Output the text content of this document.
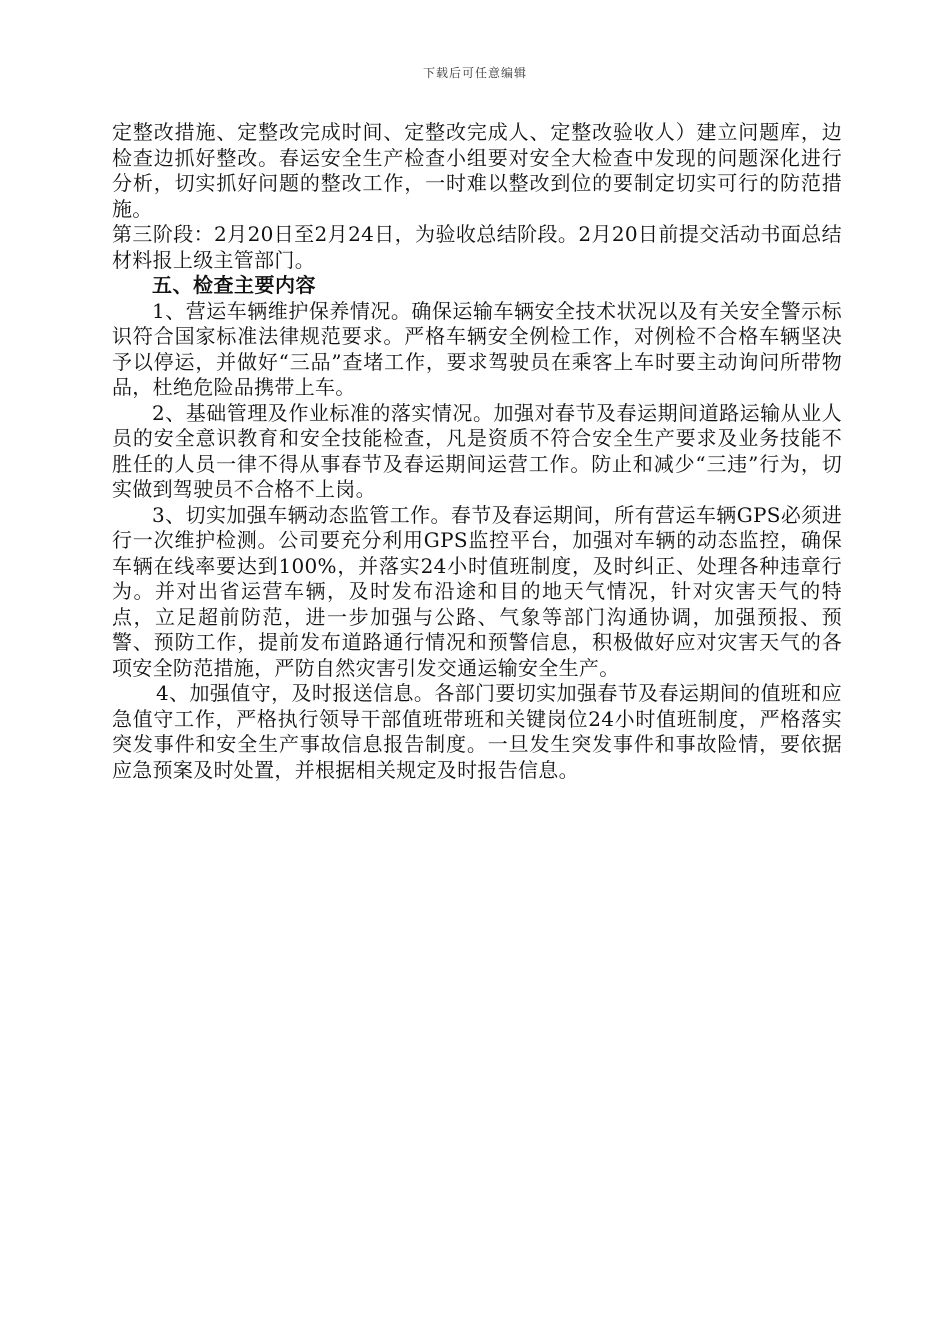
下载后可任意编辑

定整改措施、定整改完成时间、定整改完成人、定整改验收人）建立问题库，边检查边抓好整改。春运安全生产检查小组要对安全大检查中发现的问题深化进行分析，切实抓好问题的整改工作，一时难以整改到位的要制定切实可行的防范措施。

第三阶段：2月20日至2月24日，为验收总结阶段。2月20日前提交活动书面总结材料报上级主管部门。

五、检查主要内容

1、营运车辆维护保养情况。确保运输车辆安全技术状况以及有关安全警示标识符合国家标准法律规范要求。严格车辆安全例检工作，对例检不合格车辆坚决予以停运，并做好“三品”查堵工作，要求驾驶员在乘客上车时要主动询问所带物品，杜绝危险品携带上车。

2、基础管理及作业标准的落实情况。加强对春节及春运期间道路运输从业人员的安全意识教育和安全技能检查，凡是资质不符合安全生产要求及业务技能不胜任的人员一律不得从事春节及春运期间运营工作。防止和减少“三违”行为，切实做到驾驶员不合格不上岗。

3、切实加强车辆动态监管工作。春节及春运期间，所有营运车辆GPS必须进行一次维护检测。公司要充分利用GPS监控平台，加强对车辆的动态监控，确保车辆在线率要达到100%，并落实24小时值班制度，及时纠正、处理各种违章行为。并对出省运营车辆，及时发布沿途和目的地天气情况，针对灾害天气的特点，立足超前防范，进一步加强与公路、气象等部门沟通协调，加强预报、预警、预防工作，提前发布道路通行情况和预警信息，积极做好应对灾害天气的各项安全防范措施，严防自然灾害引发交通运输安全生产。

4、加强值守，及时报送信息。各部门要切实加强春节及春运期间的值班和应急值守工作，严格执行领导干部值班带班和关键岗位24小时值班制度，严格落实突发事件和安全生产事故信息报告制度。一旦发生突发事件和事故险情，要依据应急预案及时处置，并根据相关规定及时报告信息。
